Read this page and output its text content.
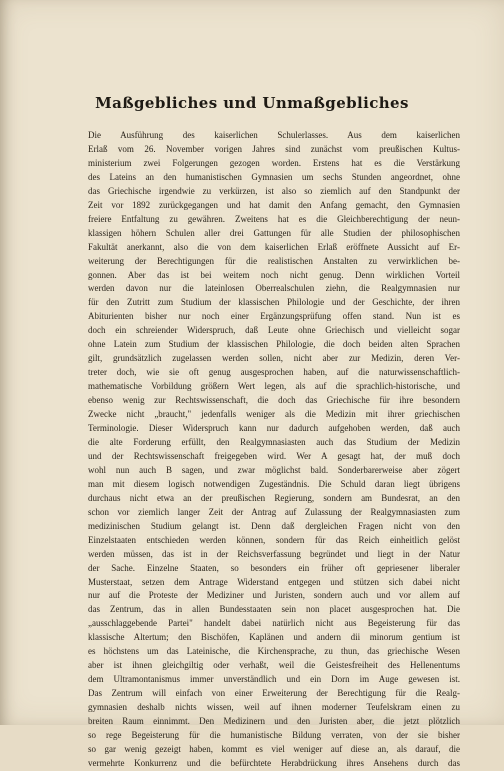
Maßgebliches und Unmaßgebliches
Die Ausführung des kaiserlichen Schulerlasses. Aus dem kaiserlichen
Erlaß vom 26. November vorigen Jahres sind zunächst vom preußischen Kultus-
ministerium zwei Folgerungen gezogen worden. Erstens hat es die Verstärkung
des Lateins an den humanistischen Gymnasien um sechs Stunden angeordnet, ohne
das Griechische irgendwie zu verkürzen, ist also so ziemlich auf den Standpunkt der
Zeit vor 1892 zurückgegangen und hat damit den Anfang gemacht, den Gymnasien
freiere Entfaltung zu gewähren. Zweitens hat es die Gleichberechtigung der neun-
klassigen höhern Schulen aller drei Gattungen für alle Studien der philosophischen
Fakultät anerkannt, also die von dem kaiserlichen Erlaß eröffnete Aussicht auf Er-
weiterung der Berechtigungen für die realistischen Anstalten zu verwirklichen be-
gonnen. Aber das ist bei weitem noch nicht genug. Denn wirklichen Vorteil
werden davon nur die lateinlosen Oberrealschulen ziehn, die Realgymnasien nur
für den Zutritt zum Studium der klassischen Philologie und der Geschichte, der ihren
Abiturienten bisher nur noch einer Ergänzungsprüfung offen stand. Nun ist es
doch ein schreiender Widerspruch, daß Leute ohne Griechisch und vielleicht sogar
ohne Latein zum Studium der klassischen Philologie, die doch beiden alten Sprachen
gilt, grundsätzlich zugelassen werden sollen, nicht aber zur Medizin, deren Ver-
treter doch, wie sie oft genug ausgesprochen haben, auf die naturwissenschaftlich-
mathematische Vorbildung größern Wert legen, als auf die sprachlich-historische, und
ebenso wenig zur Rechtswissenschaft, die doch das Griechische für ihre besondern
Zwecke nicht „braucht," jedenfalls weniger als die Medizin mit ihrer griechischen
Terminologie. Dieser Widerspruch kann nur dadurch aufgehoben werden, daß auch
die alte Forderung erfüllt, den Realgymnasiasten auch das Studium der Medizin
und der Rechtswissenschaft freigegeben wird. Wer A gesagt hat, der muß doch
wohl nun auch B sagen, und zwar möglichst bald. Sonderbarerweise aber zögert
man mit diesem logisch notwendigen Zugeständnis. Die Schuld daran liegt übrigens
durchaus nicht etwa an der preußischen Regierung, sondern am Bundesrat, an den
schon vor ziemlich langer Zeit der Antrag auf Zulassung der Realgymnasiasten zum
medizinischen Studium gelangt ist. Denn daß dergleichen Fragen nicht von den
Einzelstaaten entschieden werden können, sondern für das Reich einheitlich gelöst
werden müssen, das ist in der Reichsverfassung begründet und liegt in der Natur
der Sache. Einzelne Staaten, so besonders ein früher oft gepriesener liberaler
Musterstaat, setzen dem Antrage Widerstand entgegen und stützen sich dabei nicht
nur auf die Proteste der Mediziner und Juristen, sondern auch und vor allem auf
das Zentrum, das in allen Bundesstaaten sein non placet ausgesprochen hat. Die
„ausschlaggebende Partei" handelt dabei natürlich nicht aus Begeisterung für das
klassische Altertum; den Bischöfen, Kaplänen und andern dii minorum gentium ist
es höchstens um das Lateinische, die Kirchensprache, zu thun, das griechische Wesen
aber ist ihnen gleichgiltig oder verhaßt, weil die Geistesfreiheit des Hellenentums
dem Ultramontanismus immer unverständlich und ein Dorn im Auge gewesen ist.
Das Zentrum will einfach von einer Erweiterung der Berechtigung für die Realg-
gymnasien deshalb nichts wissen, weil auf ihnen moderner Teufelskram einen zu
breiten Raum einnimmt. Den Medizinern und den Juristen aber, die jetzt plötzlich
so rege Begeisterung für die humanistische Bildung verraten, von der sie bisher
so gar wenig gezeigt haben, kommt es viel weniger auf diese an, als darauf, die
vermehrte Konkurrenz und die befürchtete Herabdrückung ihres Ansehens durch das
